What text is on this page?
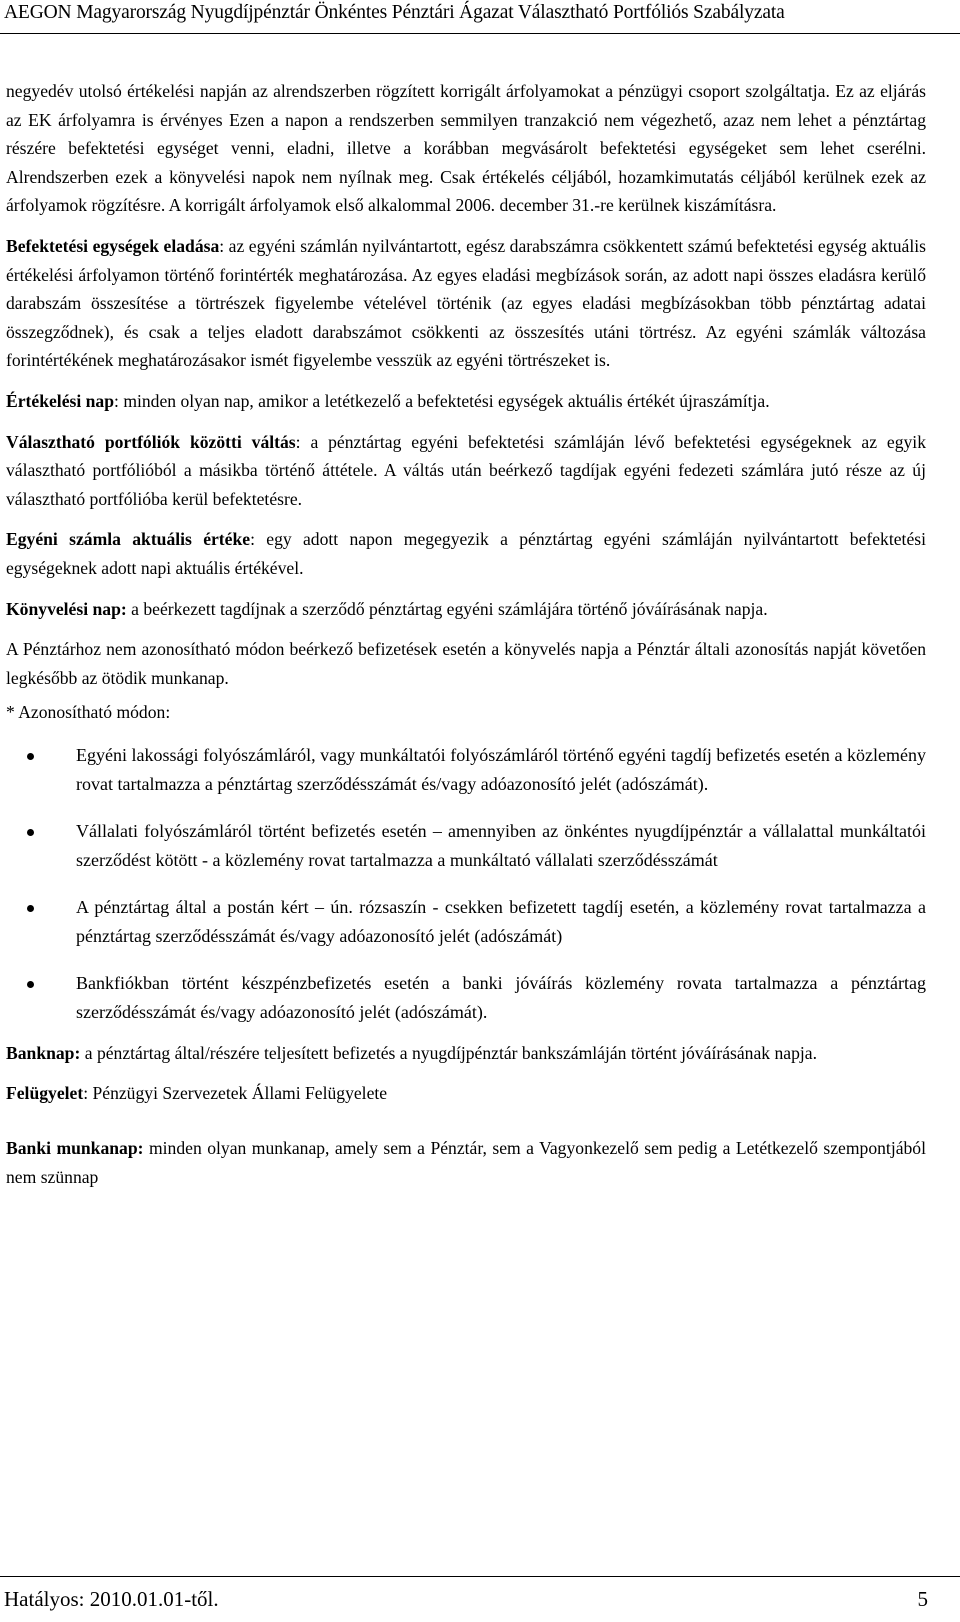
AEGON Magyarország Nyugdíjpénztár Önkéntes Pénztári Ágazat Választható Portfóliós Szabályzata

negyedév utolsó értékelési napján az alrendszerben rögzített korrigált árfolyamokat a pénzügyi csoport szolgáltatja. Ez az eljárás az EK árfolyamra is érvényes Ezen a napon a rendszerben semmilyen tranzakció nem végezhető, azaz nem lehet a pénztártag részére befektetési egységet venni, eladni, illetve a korábban megvásárolt befektetési egységeket sem lehet cserélni. Alrendszerben ezek a könyvelési napok nem nyílnak meg. Csak értékelés céljából, hozamkimutatás céljából kerülnek ezek az árfolyamok rögzítésre. A korrigált árfolyamok első alkalommal 2006. december 31.-re kerülnek kiszámításra.

Befektetési egységek eladása: az egyéni számlán nyilvántartott, egész darabszámra csökkentett számú befektetési egység aktuális értékelési árfolyamon történő forintérték meghatározása. Az egyes eladási megbízások során, az adott napi összes eladásra kerülő darabszám összesítése a törtrészek figyelembe vételével történik (az egyes eladási megbízásokban több pénztártag adatai összegződnek), és csak a teljes eladott darabszámot csökkenti az összesítés utáni törtrész. Az egyéni számlák változása forintértékének meghatározásakor ismét figyelembe vesszük az egyéni törtrészeket is.

Értékelési nap: minden olyan nap, amikor a letétkezelő a befektetési egységek aktuális értékét újraszámítja.

Választható portfóliók közötti váltás: a pénztártag egyéni befektetési számláján lévő befektetési egységeknek az egyik választható portfólióból a másikba történő áttétele. A váltás után beérkező tagdíjak egyéni fedezeti számlára jutó része az új választható portfólióba kerül befektetésre.

Egyéni számla aktuális értéke: egy adott napon megegyezik a pénztártag egyéni számláján nyilvántartott befektetési egységeknek adott napi aktuális értékével.

Könyvelési nap: a beérkezett tagdíjnak a szerződő pénztártag egyéni számlájára történő jóváírásának napja.

A Pénztárhoz nem azonosítható módon beérkező befizetések esetén a könyvelés napja a Pénztár általi azonosítás napját követően legkésőbb az ötödik munkanap.

* Azonosítható módon:

Egyéni lakossági folyószámláról, vagy munkáltatói folyószámláról történő egyéni tagdíj befizetés esetén a közlemény rovat tartalmazza a pénztártag szerződésszámát és/vagy adóazonosító jelét (adószámát).
Vállalati folyószámláról történt befizetés esetén – amennyiben az önkéntes nyugdíjpénztár a vállalattal munkáltatói szerződést kötött - a közlemény rovat tartalmazza a munkáltató vállalati szerződésszámát
A pénztártag által a postán kért – ún. rózsaszín - csekken befizetett tagdíj esetén, a közlemény rovat tartalmazza a pénztártag szerződésszámát és/vagy adóazonosító jelét (adószámát)
Bankfiókban történt készpénzbefizetés esetén a banki jóváírás közlemény rovata tartalmazza a pénztártag szerződésszámát és/vagy adóazonosító jelét (adószámát).

Banknap: a pénztártag által/részére teljesített befizetés a nyugdíjpénztár bankszámláján történt jóváírásának napja.

Felügyelet: Pénzügyi Szervezetek Állami Felügyelete

Banki munkanap: minden olyan munkanap, amely sem a Pénztár, sem a Vagyonkezelő sem pedig a Letétkezelő szempontjából nem szünnap

Hatályos: 2010.01.01-től.	5
